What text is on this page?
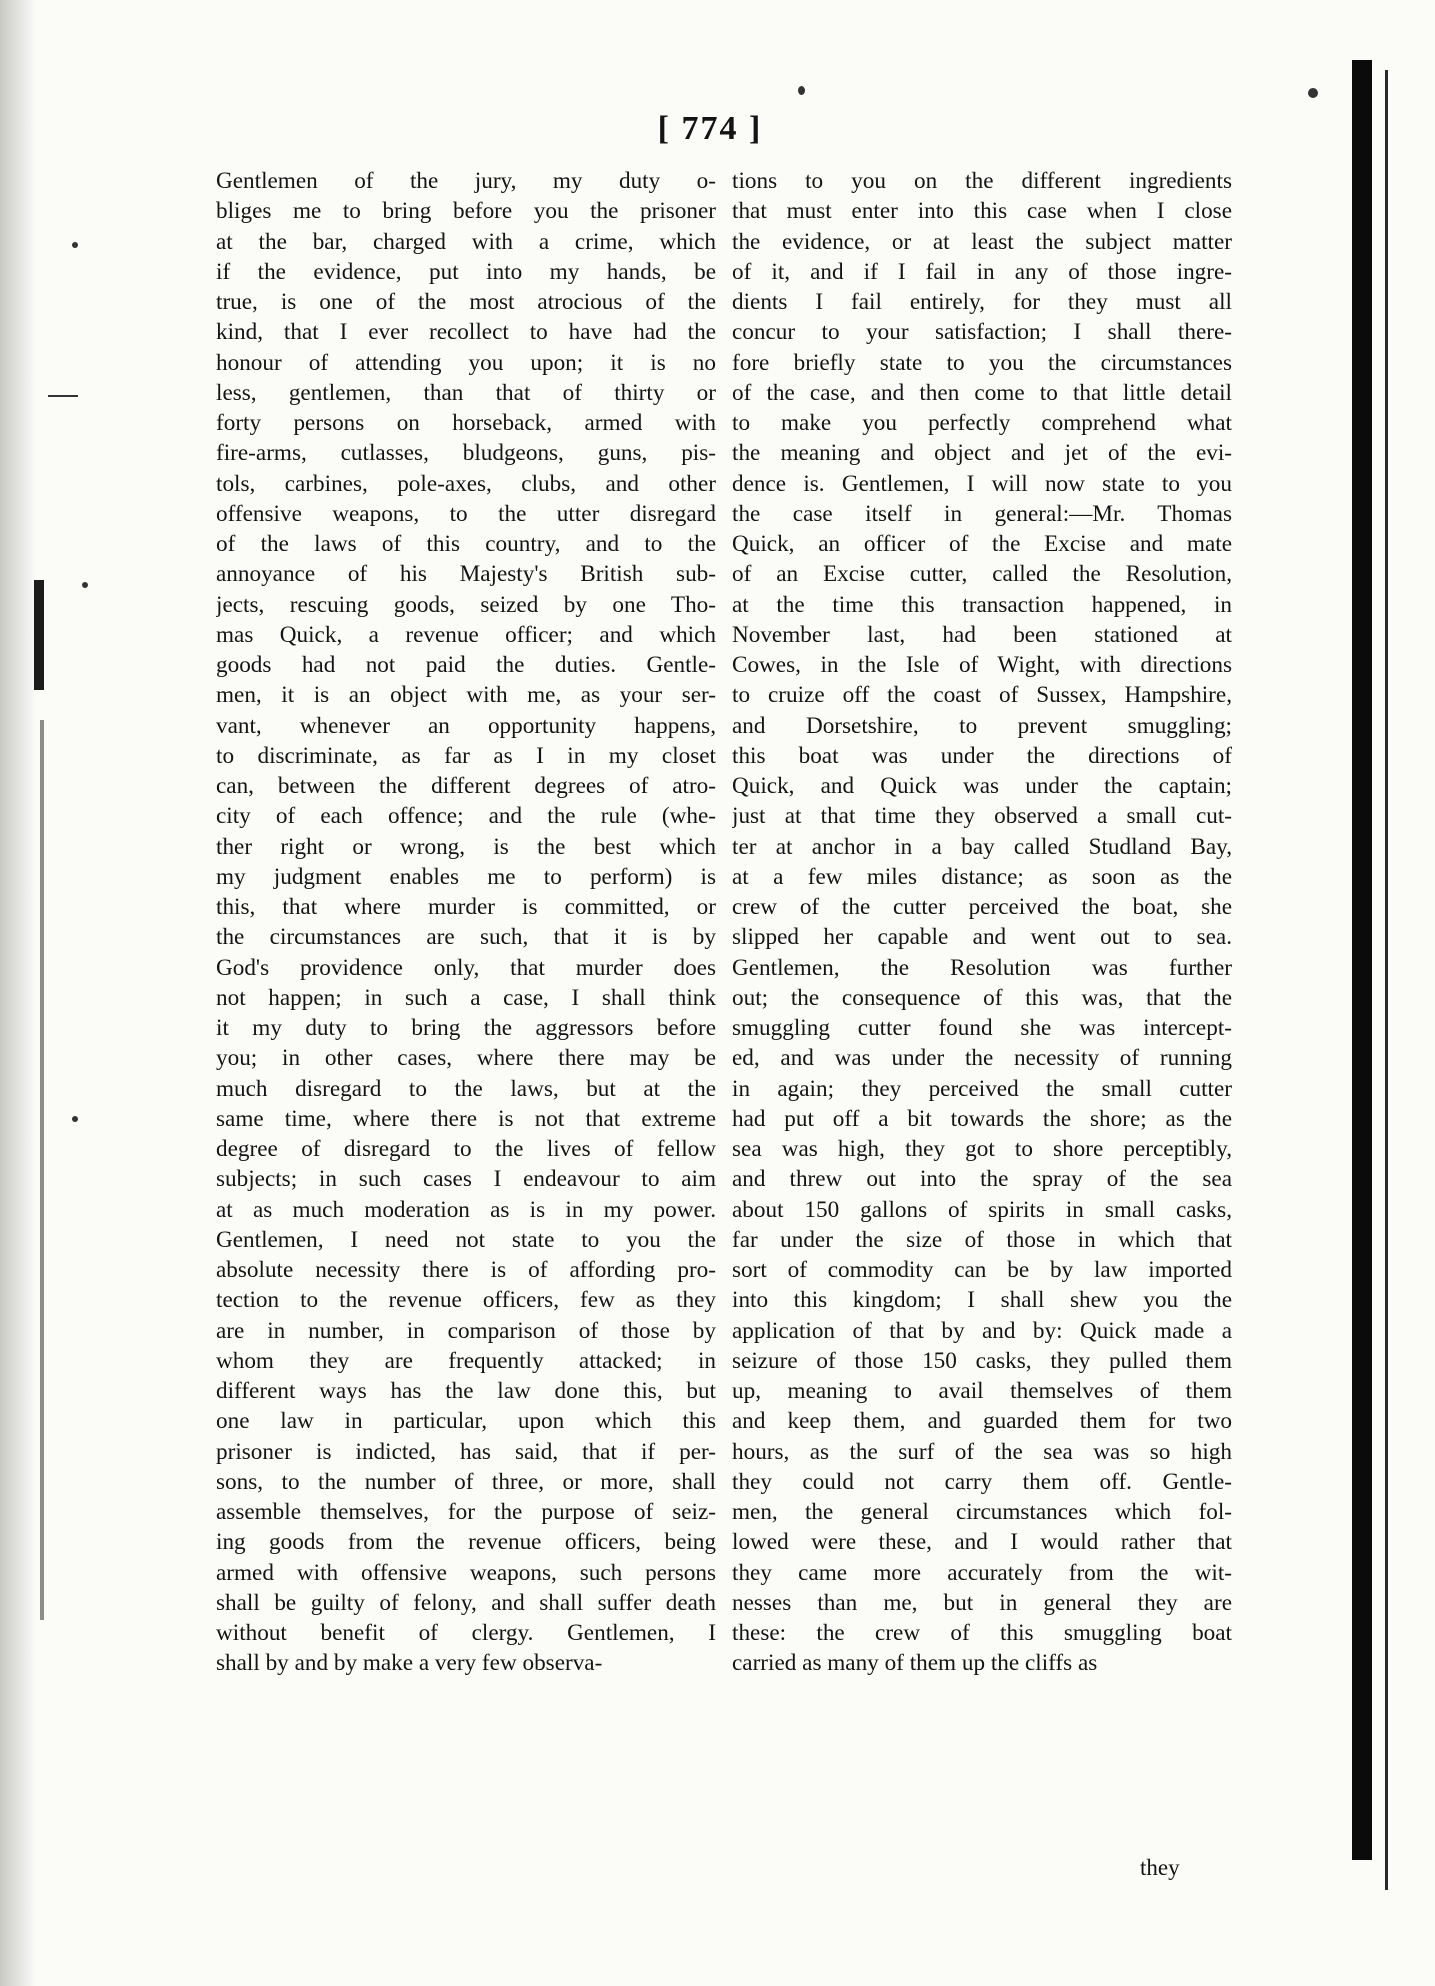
[ 774 ]
Gentlemen of the jury, my duty o-
bliges me to bring before you the prisoner
at the bar, charged with a crime, which
if the evidence, put into my hands, be
true, is one of the most atrocious of the
kind, that I ever recollect to have had the
honour of attending you upon; it is no
less, gentlemen, than that of thirty or
forty persons on horseback, armed with
fire-arms, cutlasses, bludgeons, guns, pis-
tols, carbines, pole-axes, clubs, and other
offensive weapons, to the utter disregard
of the laws of this country, and to the
annoyance of his Majesty's British sub-
jects, rescuing goods, seized by one Tho-
mas Quick, a revenue officer; and which
goods had not paid the duties. Gentle-
men, it is an object with me, as your ser-
vant, whenever an opportunity happens,
to discriminate, as far as I in my closet
can, between the different degrees of atro-
city of each offence; and the rule (whe-
ther right or wrong, is the best which
my judgment enables me to perform) is
this, that where murder is committed, or
the circumstances are such, that it is by
God's providence only, that murder does
not happen; in such a case, I shall think
it my duty to bring the aggressors before
you; in other cases, where there may be
much disregard to the laws, but at the
same time, where there is not that extreme
degree of disregard to the lives of fellow
subjects; in such cases I endeavour to aim
at as much moderation as is in my power.
Gentlemen, I need not state to you the
absolute necessity there is of affording pro-
tection to the revenue officers, few as they
are in number, in comparison of those by
whom they are frequently attacked; in
different ways has the law done this, but
one law in particular, upon which this
prisoner is indicted, has said, that if per-
sons, to the number of three, or more, shall
assemble themselves, for the purpose of seiz-
ing goods from the revenue officers, being
armed with offensive weapons, such persons
shall be guilty of felony, and shall suffer death
without benefit of clergy. Gentlemen, I
shall by and by make a very few observa-
tions to you on the different ingredients
that must enter into this case when I close
the evidence, or at least the subject matter
of it, and if I fail in any of those ingre-
dients I fail entirely, for they must all
concur to your satisfaction; I shall there-
fore briefly state to you the circumstances
of the case, and then come to that little detail
to make you perfectly comprehend what
the meaning and object and jet of the evi-
dence is. Gentlemen, I will now state to you
the case itself in general:—Mr. Thomas
Quick, an officer of the Excise and mate
of an Excise cutter, called the Resolution,
at the time this transaction happened, in
November last, had been stationed at
Cowes, in the Isle of Wight, with directions
to cruize off the coast of Sussex, Hampshire,
and Dorsetshire, to prevent smuggling;
this boat was under the directions of
Quick, and Quick was under the captain;
just at that time they observed a small cut-
ter at anchor in a bay called Studland Bay,
at a few miles distance; as soon as the
crew of the cutter perceived the boat, she
slipped her capable and went out to sea.
Gentlemen, the Resolution was further
out; the consequence of this was, that the
smuggling cutter found she was intercept-
ed, and was under the necessity of running
in again; they perceived the small cutter
had put off a bit towards the shore; as the
sea was high, they got to shore perceptibly,
and threw out into the spray of the sea
about 150 gallons of spirits in small casks,
far under the size of those in which that
sort of commodity can be by law imported
into this kingdom; I shall shew you the
application of that by and by: Quick made a
seizure of those 150 casks, they pulled them
up, meaning to avail themselves of them
and keep them, and guarded them for two
hours, as the surf of the sea was so high
they could not carry them off. Gentle-
men, the general circumstances which fol-
lowed were these, and I would rather that
they came more accurately from the wit-
nesses than me, but in general they are
these: the crew of this smuggling boat
carried as many of them up the cliffs as
they
